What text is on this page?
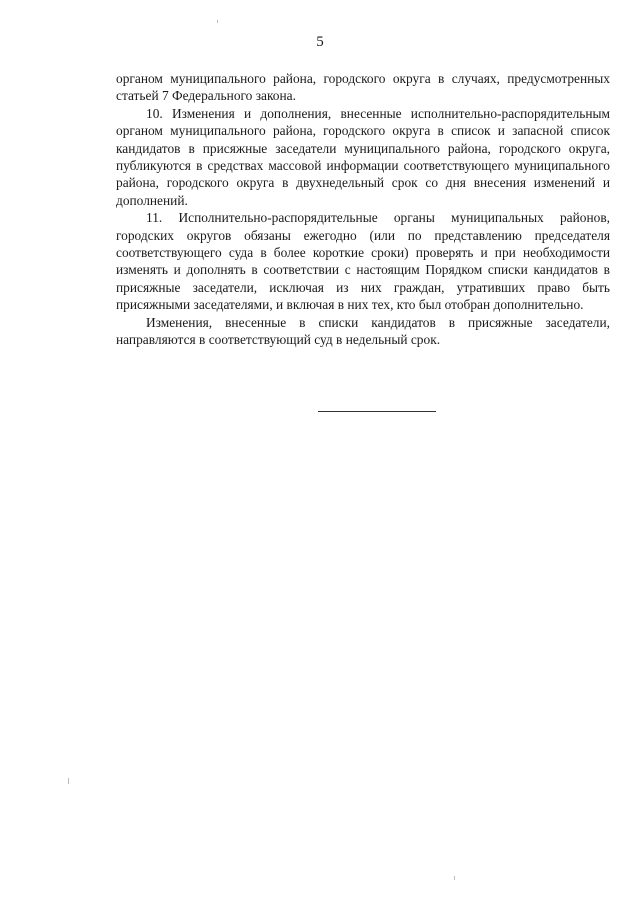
5

органом муниципального района, городского округа в случаях, предусмотренных статьей 7 Федерального закона.

10. Изменения и дополнения, внесенные исполнительно-распорядительным органом муниципального района, городского округа в список и запасной список кандидатов в присяжные заседатели муниципального района, городского округа, публикуются в средствах массовой информации соответствующего муниципального района, городского округа в двухнедельный срок со дня внесения изменений и дополнений.

11. Исполнительно-распорядительные органы муниципальных районов, городских округов обязаны ежегодно (или по представлению председателя соответствующего суда в более короткие сроки) проверять и при необходимости изменять и дополнять в соответствии с настоящим Порядком списки кандидатов в присяжные заседатели, исключая из них граждан, утративших право быть присяжными заседателями, и включая в них тех, кто был отобран дополнительно.

Изменения, внесенные в списки кандидатов в присяжные заседатели, направляются в соответствующий суд в недельный срок.
